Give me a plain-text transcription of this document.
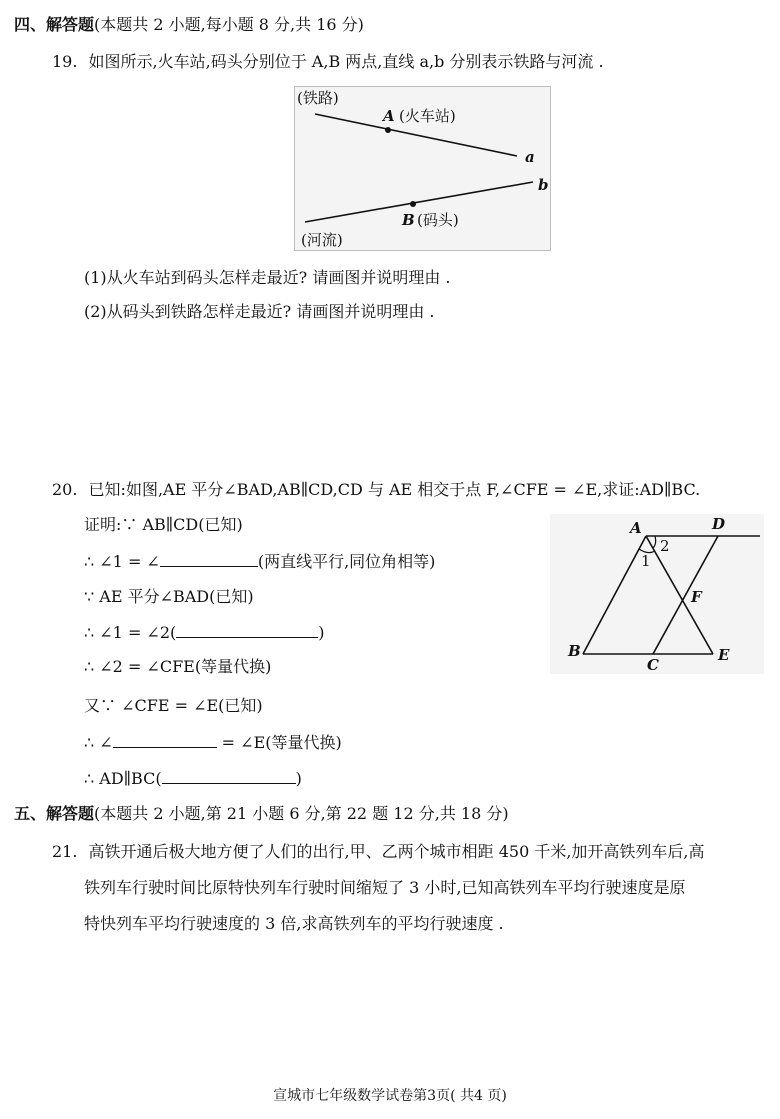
四、解答题(本题共 2 小题,每小题 8 分,共 16 分)
19. 如图所示,火车站,码头分别位于 A,B 两点,直线 a,b 分别表示铁路与河流 .
(铁路)
A (火车站)
a
b
B (码头)
(河流)
(1)从火车站到码头怎样走最近? 请画图并说明理由 .
(2)从码头到铁路怎样走最近? 请画图并说明理由 .
20. 已知:如图,AE 平分∠BAD,AB∥CD,CD 与 AE 相交于点 F,∠CFE = ∠E,求证:AD∥BC.
证明:∵ AB∥CD(已知)
∴ ∠1 = ∠	(两直线平行,同位角相等)
∵ AE 平分∠BAD(已知)
∴ ∠1 = ∠2(	)
∴ ∠2 = ∠CFE(等量代换)
又∵ ∠CFE = ∠E(已知)
∴ ∠	= ∠E(等量代换)
∴ AD∥BC(	)
A	D
2
1
F
B
C
E
五、解答题(本题共 2 小题,第 21 小题 6 分,第 22 题 12 分,共 18 分)
21. 高铁开通后极大地方便了人们的出行,甲、乙两个城市相距 450 千米,加开高铁列车后,高
铁列车行驶时间比原特快列车行驶时间缩短了 3 小时,已知高铁列车平均行驶速度是原
特快列车平均行驶速度的 3 倍,求高铁列车的平均行驶速度 .
宣城市七年级数学试卷第3页( 共4 页)
